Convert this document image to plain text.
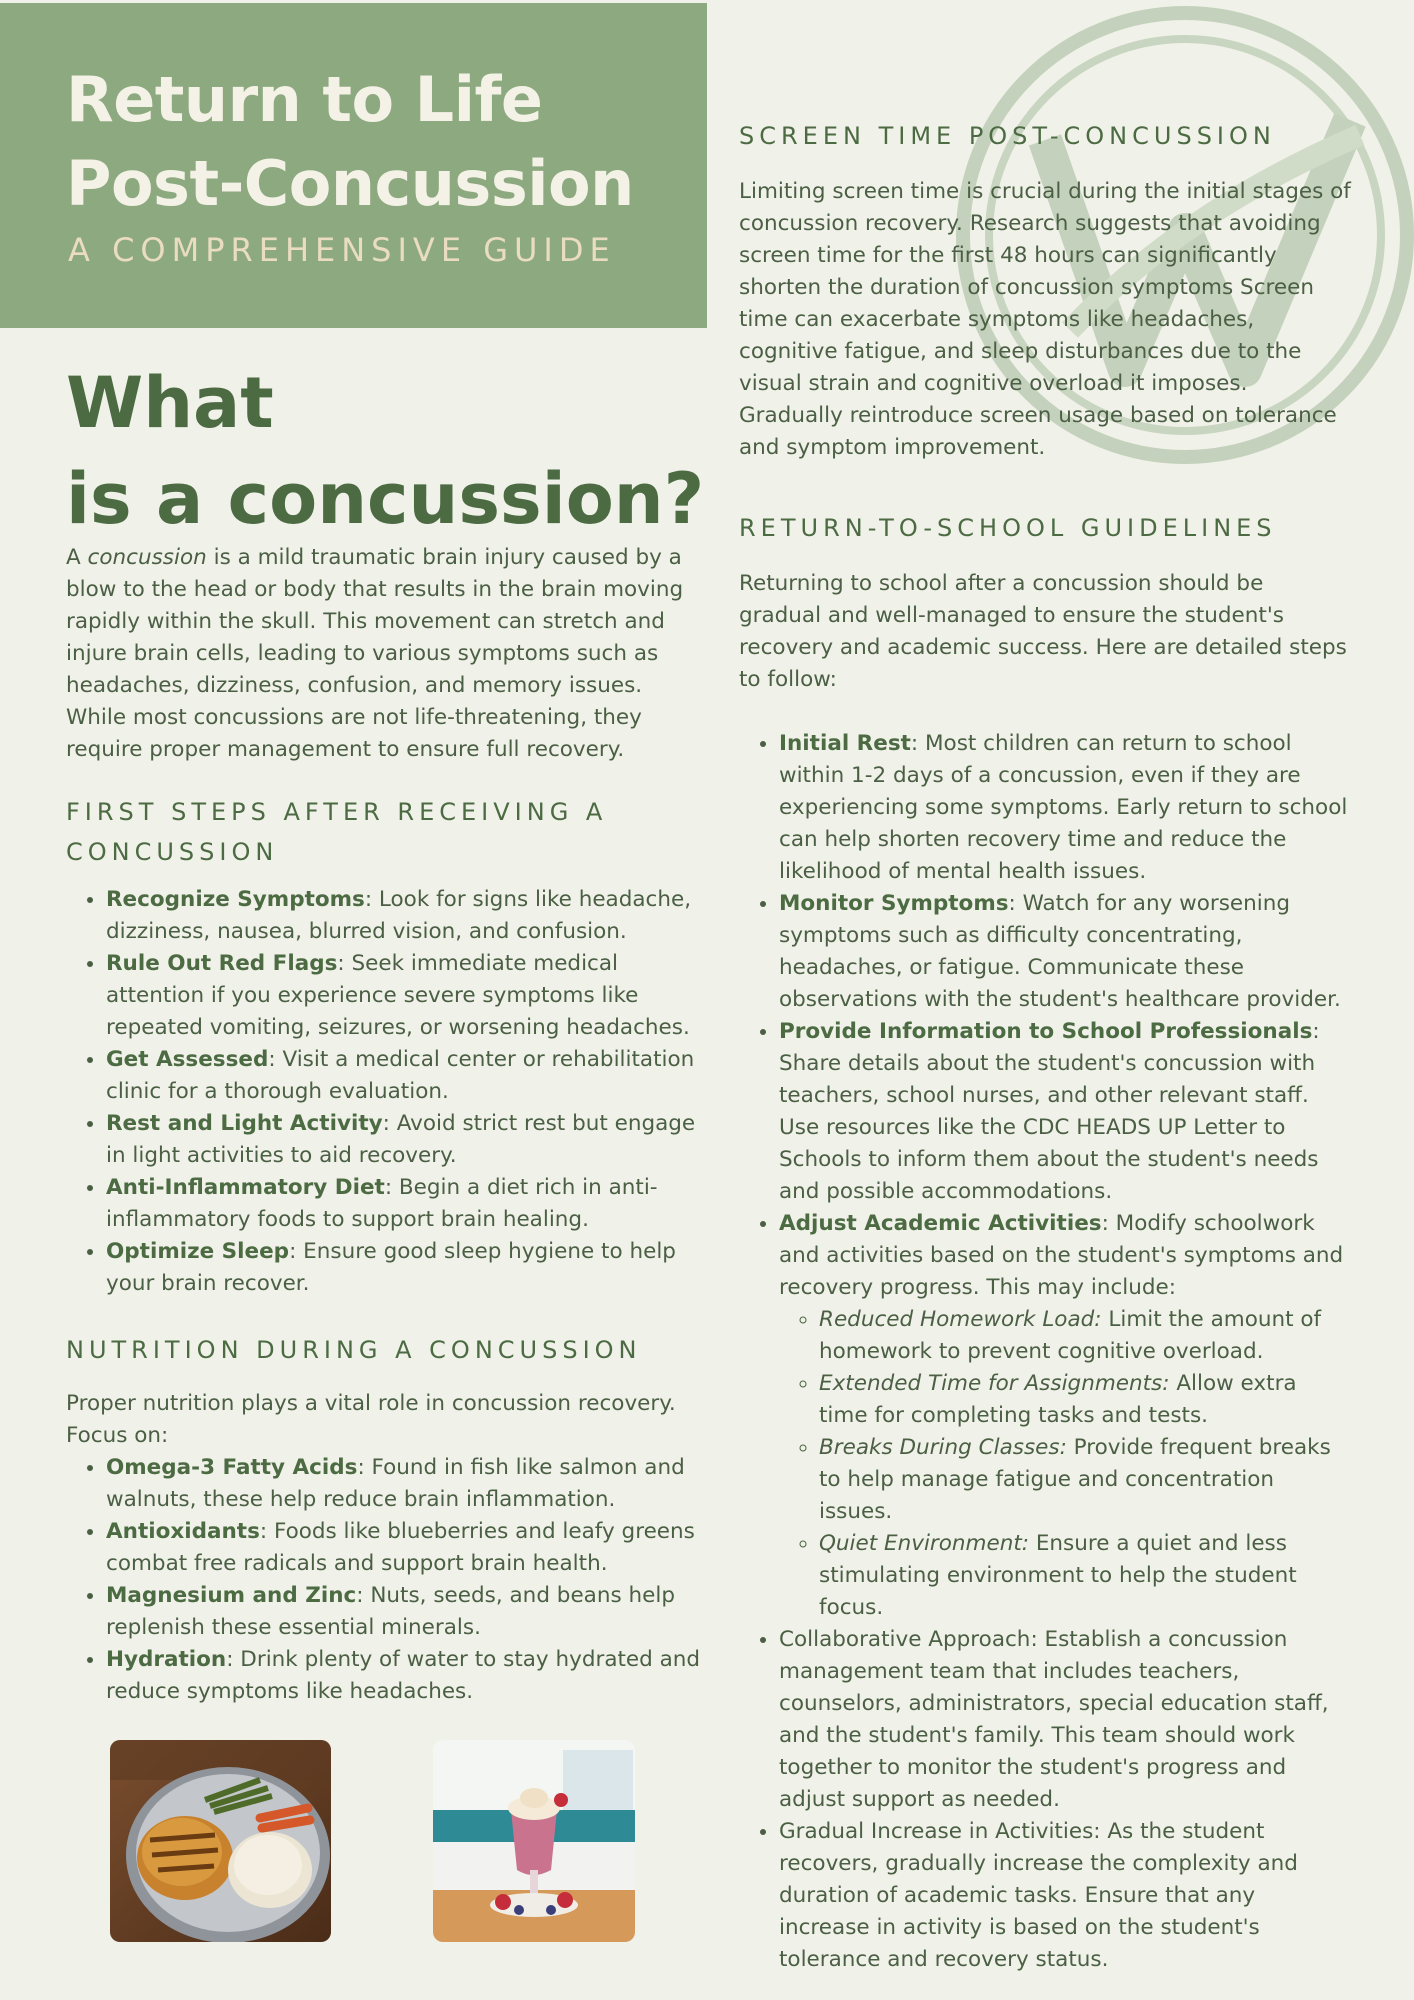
Return to Life Post-Concussion
A COMPREHENSIVE GUIDE
What
is a concussion?

A concussion is a mild traumatic brain injury caused by a blow to the head or body that results in the brain moving rapidly within the skull. This movement can stretch and injure brain cells, leading to various symptoms such as headaches, dizziness, confusion, and memory issues. While most concussions are not life-threatening, they require proper management to ensure full recovery.

FIRST STEPS AFTER RECEIVING A CONCUSSION
• Recognize Symptoms: Look for signs like headache, dizziness, nausea, blurred vision, and confusion.
• Rule Out Red Flags: Seek immediate medical attention if you experience severe symptoms like repeated vomiting, seizures, or worsening headaches.
• Get Assessed: Visit a medical center or rehabilitation clinic for a thorough evaluation.
• Rest and Light Activity: Avoid strict rest but engage in light activities to aid recovery.
• Anti-Inflammatory Diet: Begin a diet rich in anti-inflammatory foods to support brain healing.
• Optimize Sleep: Ensure good sleep hygiene to help your brain recover.
NUTRITION DURING A CONCUSSION

Proper nutrition plays a vital role in concussion recovery. Focus on:

• Omega-3 Fatty Acids: Found in fish like salmon and walnuts, these help reduce brain inflammation.
• Antioxidants: Foods like blueberries and leafy greens combat free radicals and support brain health.
• Magnesium and Zinc: Nuts, seeds, and beans help replenish these essential minerals.
• Hydration: Drink plenty of water to stay hydrated and reduce symptoms like headaches.
SCREEN TIME POST-CONCUSSION

Limiting screen time is crucial during the initial stages of concussion recovery. Research suggests that avoiding screen time for the first 48 hours can significantly shorten the duration of concussion symptoms Screen time can exacerbate symptoms like headaches, cognitive fatigue, and sleep disturbances due to the visual strain and cognitive overload it imposes. Gradually reintroduce screen usage based on tolerance and symptom improvement.

RETURN-TO-SCHOOL GUIDELINES

Returning to school after a concussion should be gradual and well-managed to ensure the student's recovery and academic success. Here are detailed steps to follow:

• Initial Rest: Most children can return to school within 1-2 days of a concussion, even if they are experiencing some symptoms. Early return to school can help shorten recovery time and reduce the likelihood of mental health issues.
• Monitor Symptoms: Watch for any worsening symptoms such as difficulty concentrating, headaches, or fatigue. Communicate these observations with the student's healthcare provider.
• Provide Information to School Professionals: Share details about the student's concussion with teachers, school nurses, and other relevant staff. Use resources like the CDC HEADS UP Letter to Schools to inform them about the student's needs and possible accommodations.
• Adjust Academic Activities: Modify schoolwork and activities based on the student's symptoms and recovery progress. This may include:
◦ Reduced Homework Load: Limit the amount of homework to prevent cognitive overload.
◦ Extended Time for Assignments: Allow extra time for completing tasks and tests.
◦ Breaks During Classes: Provide frequent breaks to help manage fatigue and concentration issues.
◦ Quiet Environment: Ensure a quiet and less stimulating environment to help the student focus.
• Collaborative Approach: Establish a concussion management team that includes teachers, counselors, administrators, special education staff, and the student's family. This team should work together to monitor the student's progress and adjust support as needed.
• Gradual Increase in Activities: As the student recovers, gradually increase the complexity and duration of academic tasks. Ensure that any increase in activity is based on the student's tolerance and recovery status.
